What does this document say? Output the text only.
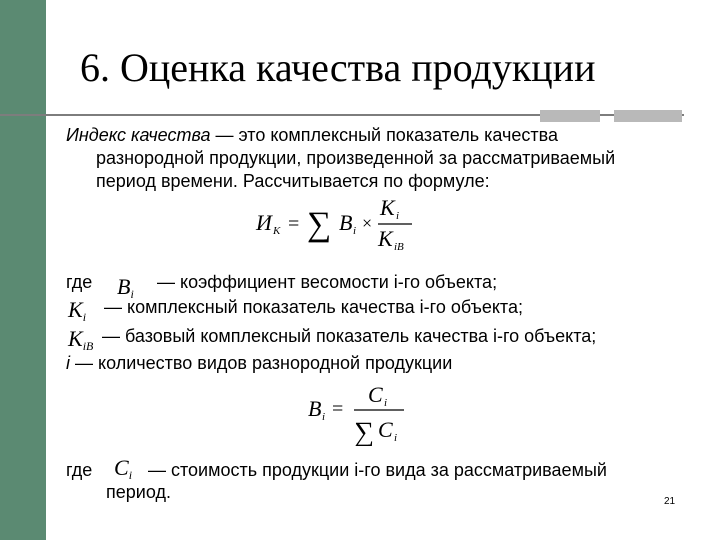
6. Оценка качества продукции
Индекс качества — это комплексный показатель качества
разнородной продукции, произведенной за рассматриваемый
период времени. Рассчитывается по формуле:
И К = ∑ B i ×
K i
K iB
где Bi
— коэффициент весомости i-го объекта;
Ki — комплексный показатель качества i-го объекта;
KiB — базовый комплексный показатель качества i-го объекта;
i — количество видов разнородной продукции
B i =
C i
∑ C i
где Ci — стоимость продукции i-го вида за рассматриваемый
период.	21
